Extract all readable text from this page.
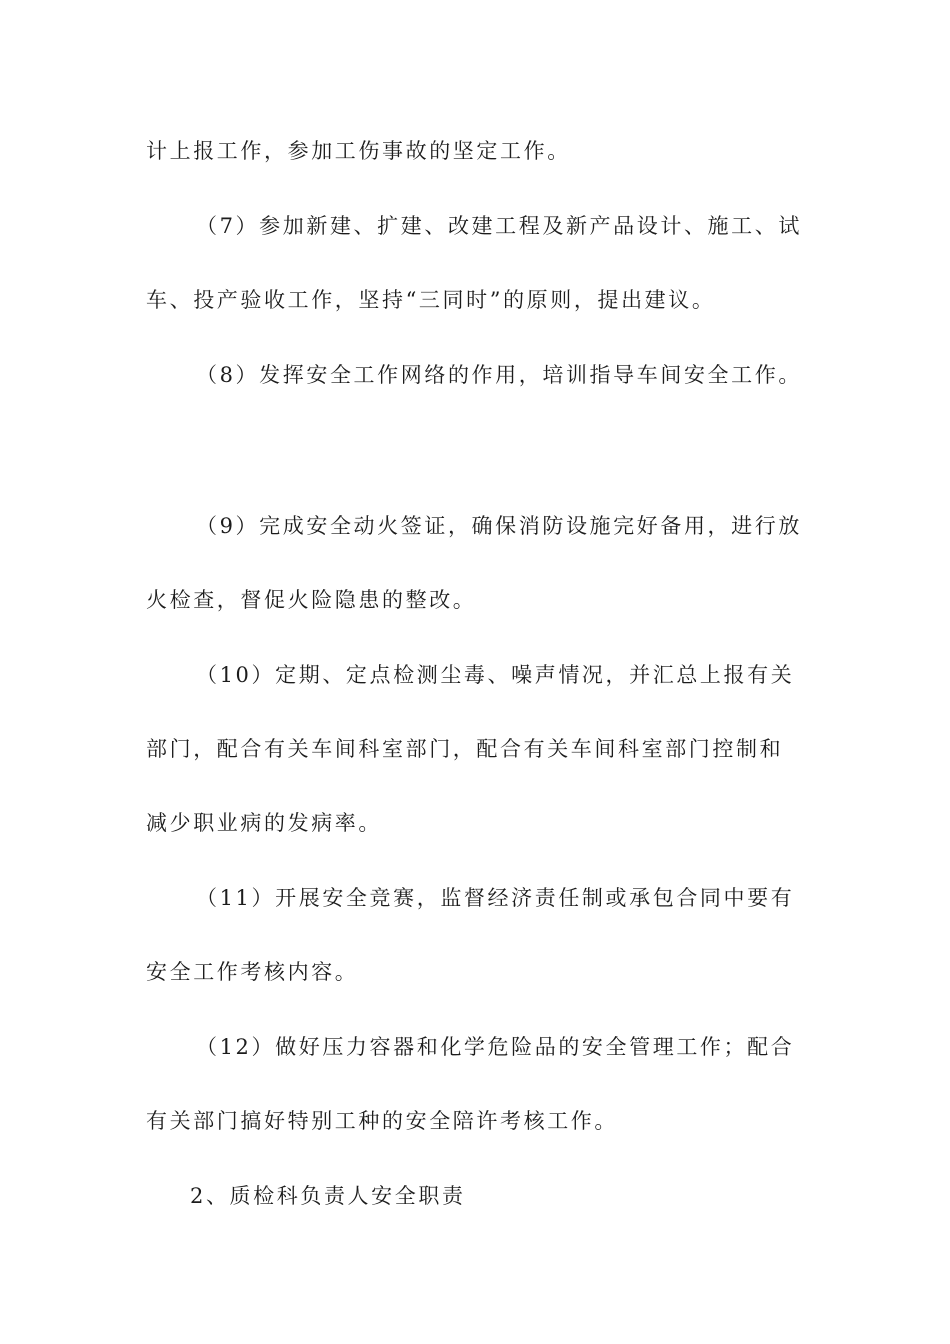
计上报工作，参加工伤事故的坚定工作。
（7）参加新建、扩建、改建工程及新产品设计、施工、试
车、投产验收工作，坚持“三同时”的原则，提出建议。
（8）发挥安全工作网络的作用，培训指导车间安全工作。
（9）完成安全动火签证，确保消防设施完好备用，进行放
火检查，督促火险隐患的整改。
（10）定期、定点检测尘毒、噪声情况，并汇总上报有关
部门，配合有关车间科室部门，配合有关车间科室部门控制和
减少职业病的发病率。
（11）开展安全竞赛，监督经济责任制或承包合同中要有
安全工作考核内容。
（12）做好压力容器和化学危险品的安全管理工作；配合
有关部门搞好特别工种的安全陪许考核工作。
2、质检科负责人安全职责
